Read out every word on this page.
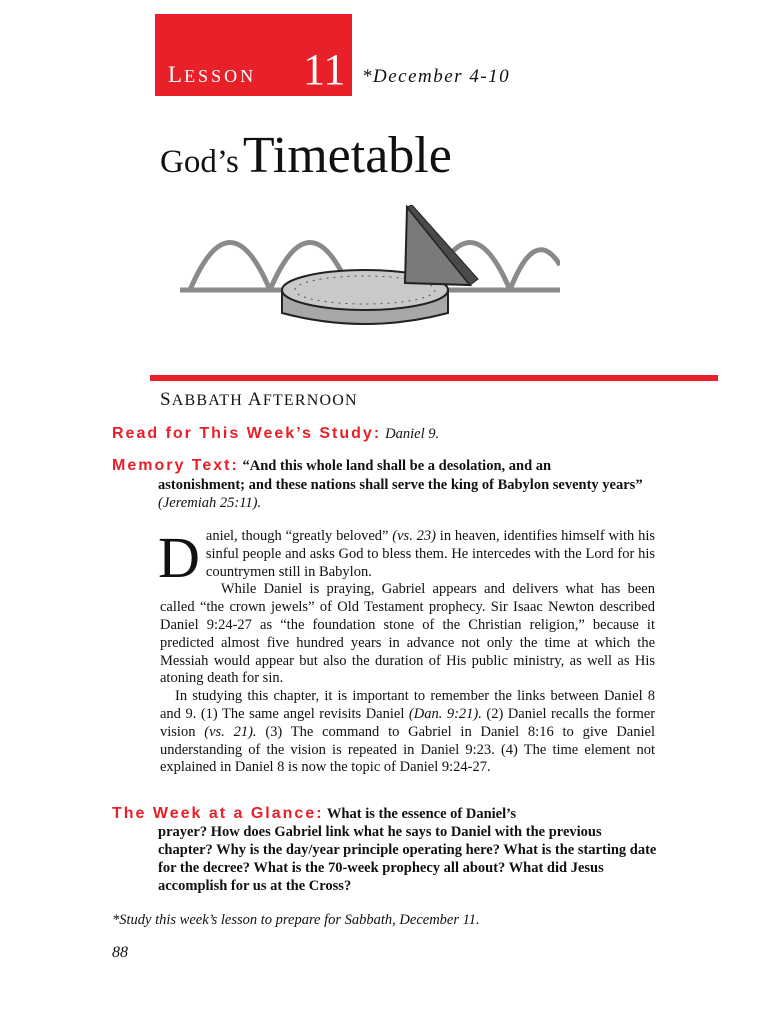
LESSON 11 *December 4-10
God’s Timetable
SABBATH AFTERNOON
Read for This Week’s Study: Daniel 9.
Memory Text: “And this whole land shall be a desolation, and an
astonishment; and these nations shall serve the king of Babylon seventy years” (Jeremiah 25:11).

Daniel, though “greatly beloved” (vs. 23) in heaven, identifies himself with his sinful people and asks God to bless them. He intercedes with the Lord for his countrymen still in Babylon.

While Daniel is praying, Gabriel appears and delivers what has been called “the crown jewels” of Old Testament prophecy. Sir Isaac Newton described Daniel 9:24-27 as “the foundation stone of the Christian religion,” because it predicted almost five hundred years in advance not only the time at which the Messiah would appear but also the duration of His public ministry, as well as His atoning death for sin.

In studying this chapter, it is important to remember the links between Daniel 8 and 9. (1) The same angel revisits Daniel (Dan. 9:21). (2) Daniel recalls the former vision (vs. 21). (3) The command to Gabriel in Daniel 8:16 to give Daniel understanding of the vision is repeated in Daniel 9:23. (4) The time element not explained in Daniel 8 is now the topic of Daniel 9:24-27.

The Week at a Glance: What is the essence of Daniel’s
prayer? How does Gabriel link what he says to Daniel with the previous chapter? Why is the day/year principle operating here? What is the starting date for the decree? What is the 70-week prophecy all about? What did Jesus accomplish for us at the Cross?
*Study this week’s lesson to prepare for Sabbath, December 11.
88
